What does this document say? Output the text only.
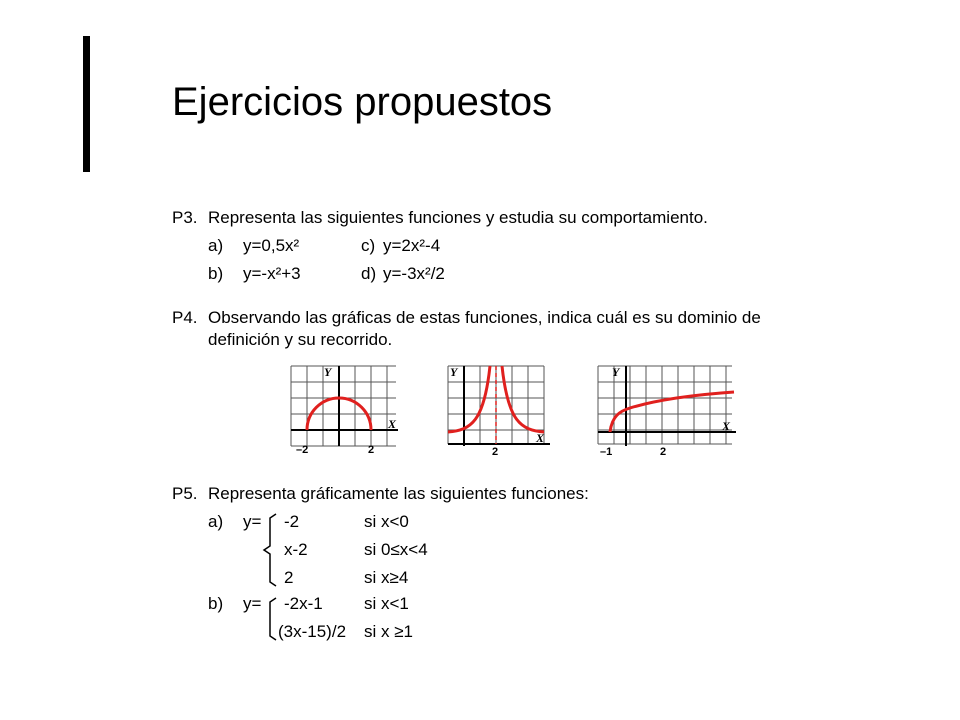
Ejercicios propuestos
P3. Representa las siguientes funciones y estudia su comportamiento.
a) y=0,5x²	c) y=2x²-4
b) y=-x²+3	d) y=-3x²/2
P4. Observando las gráficas de estas funciones, indica cuál es su dominio de
definición y su recorrido.
Y
X
–2	2
Y
X
2
Y
X
–1	2
P5. Representa gráficamente las siguientes funciones:
a) y= -2	si x<0
x-2	si 0≤x<4
2	si x≥4
b) y= -2x-1 si x<1
(3x-15)/2 si x ≥1
